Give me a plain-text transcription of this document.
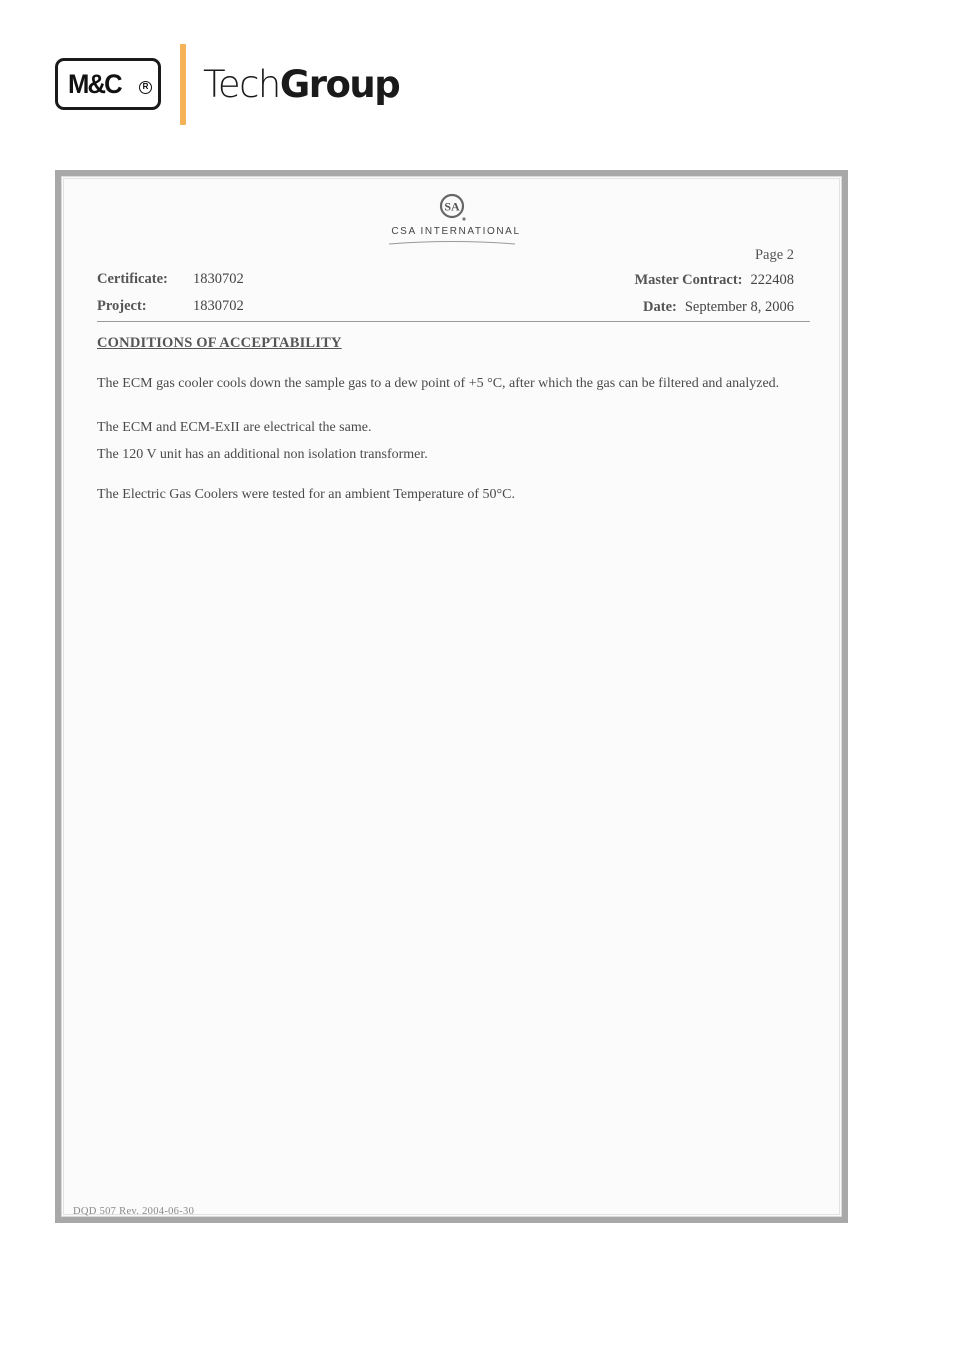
M&C	R TechGroup
SA
CSA INTERNATIONAL
Page 2
Certificate: 1830702
Project:	1830702
Master Contract: 222408
Date: September 8, 2006
CONDITIONS OF ACCEPTABILITY
The ECM gas cooler cools down the sample gas to a dew point of +5 °C, after which the gas can be filtered and analyzed.
The ECM and ECM-ExII are electrical the same.
The 120 V unit has an additional non isolation transformer.
The Electric Gas Coolers were tested for an ambient Temperature of 50°C.
DQD 507 Rev. 2004-06-30
